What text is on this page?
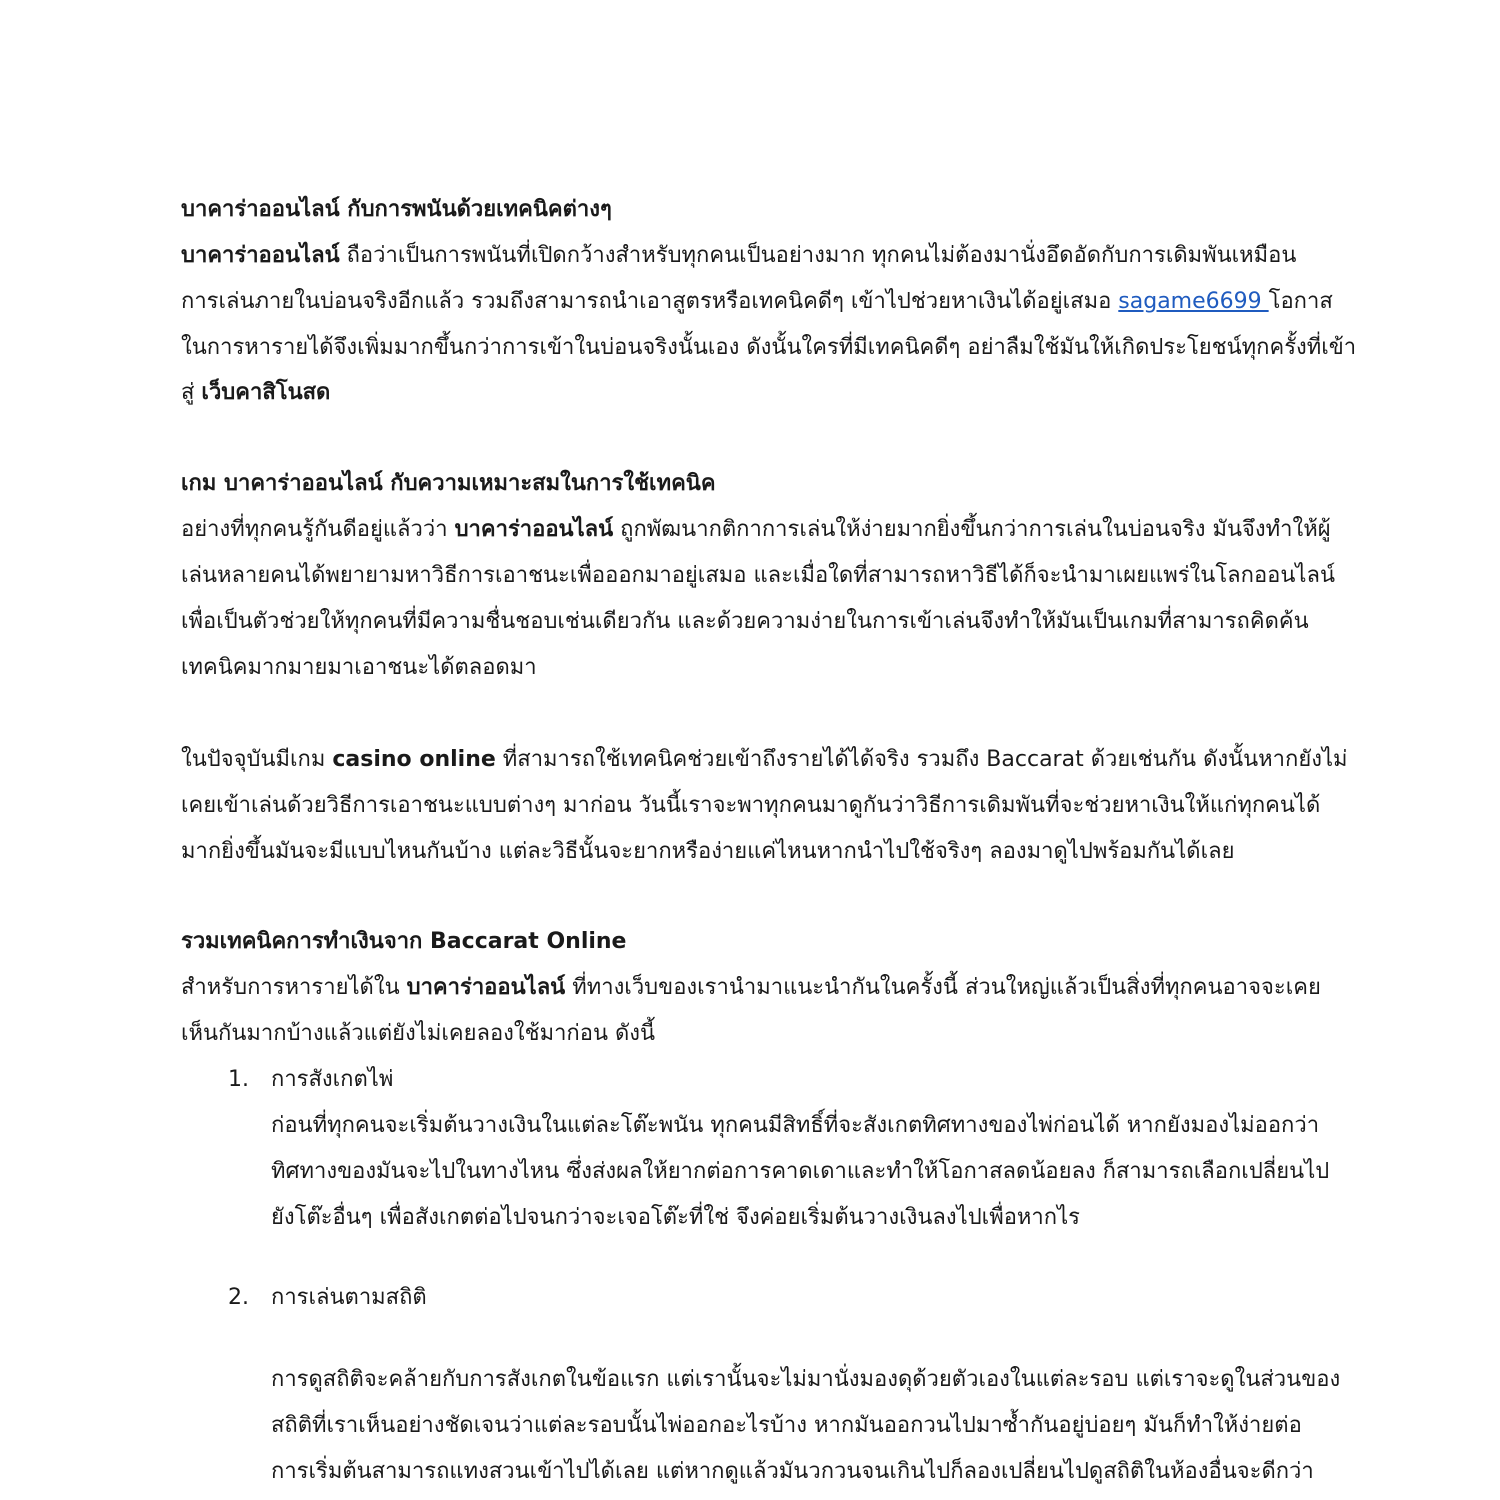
บาคาร่าออนไลน์ กับการพนันด้วยเทคนิคต่างๆ
บาคาร่าออนไลน์ ถือว่าเป็นการพนันที่เปิดกว้างสำหรับทุกคนเป็นอย่างมาก ทุกคนไม่ต้องมานั่งอึดอัดกับการเดิมพันเหมือน
การเล่นภายในบ่อนจริงอีกแล้ว รวมถึงสามารถนำเอาสูตรหรือเทคนิคดีๆ เข้าไปช่วยหาเงินได้อยู่เสมอ sagame6699 โอกาส
ในการหารายได้จึงเพิ่มมากขึ้นกว่าการเข้าในบ่อนจริงนั้นเอง ดังนั้นใครที่มีเทคนิคดีๆ อย่าลืมใช้มันให้เกิดประโยชน์ทุกครั้งที่เข้า
สู่ เว็บคาสิโนสด
เกม บาคาร่าออนไลน์ กับความเหมาะสมในการใช้เทคนิค
อย่างที่ทุกคนรู้กันดีอยู่แล้วว่า บาคาร่าออนไลน์ ถูกพัฒนากติกาการเล่นให้ง่ายมากยิ่งขึ้นกว่าการเล่นในบ่อนจริง มันจึงทำให้ผู้
เล่นหลายคนได้พยายามหาวิธีการเอาชนะเพื่อออกมาอยู่เสมอ และเมื่อใดที่สามารถหาวิธีได้ก็จะนำมาเผยแพร่ในโลกออนไลน์
เพื่อเป็นตัวช่วยให้ทุกคนที่มีความชื่นชอบเช่นเดียวกัน และด้วยความง่ายในการเข้าเล่นจึงทำให้มันเป็นเกมที่สามารถคิดค้น
เทคนิคมากมายมาเอาชนะได้ตลอดมา
ในปัจจุบันมีเกม casino online ที่สามารถใช้เทคนิคช่วยเข้าถึงรายได้ได้จริง รวมถึง Baccarat ด้วยเช่นกัน ดังนั้นหากยังไม่
เคยเข้าเล่นด้วยวิธีการเอาชนะแบบต่างๆ มาก่อน วันนี้เราจะพาทุกคนมาดูกันว่าวิธีการเดิมพันที่จะช่วยหาเงินให้แก่ทุกคนได้
มากยิ่งขึ้นมันจะมีแบบไหนกันบ้าง แต่ละวิธีนั้นจะยากหรือง่ายแค่ไหนหากนำไปใช้จริงๆ ลองมาดูไปพร้อมกันได้เลย
รวมเทคนิคการทำเงินจาก Baccarat Online
สำหรับการหารายได้ใน บาคาร่าออนไลน์ ที่ทางเว็บของเรานำมาแนะนำกันในครั้งนี้ ส่วนใหญ่แล้วเป็นสิ่งที่ทุกคนอาจจะเคย
เห็นกันมากบ้างแล้วแต่ยังไม่เคยลองใช้มาก่อน ดังนี้
1. การสังเกตไพ่
ก่อนที่ทุกคนจะเริ่มต้นวางเงินในแต่ละโต๊ะพนัน ทุกคนมีสิทธิ์ที่จะสังเกตทิศทางของไพ่ก่อนได้ หากยังมองไม่ออกว่า
ทิศทางของมันจะไปในทางไหน ซึ่งส่งผลให้ยากต่อการคาดเดาและทำให้โอกาสลดน้อยลง ก็สามารถเลือกเปลี่ยนไป
ยังโต๊ะอื่นๆ เพื่อสังเกตต่อไปจนกว่าจะเจอโต๊ะที่ใช่ จึงค่อยเริ่มต้นวางเงินลงไปเพื่อหากไร
2. การเล่นตามสถิติ
การดูสถิติจะคล้ายกับการสังเกตในข้อแรก แต่เรานั้นจะไม่มานั่งมองดุด้วยตัวเองในแต่ละรอบ แต่เราจะดูในส่วนของ
สถิติที่เราเห็นอย่างชัดเจนว่าแต่ละรอบนั้นไพ่ออกอะไรบ้าง หากมันออกวนไปมาซ้ำกันอยู่บ่อยๆ มันก็ทำให้ง่ายต่อ
การเริ่มต้นสามารถแทงสวนเข้าไปได้เลย แต่หากดูแล้วมันวกวนจนเกินไปก็ลองเปลี่ยนไปดูสถิติในห้องอื่นจะดีกว่า
